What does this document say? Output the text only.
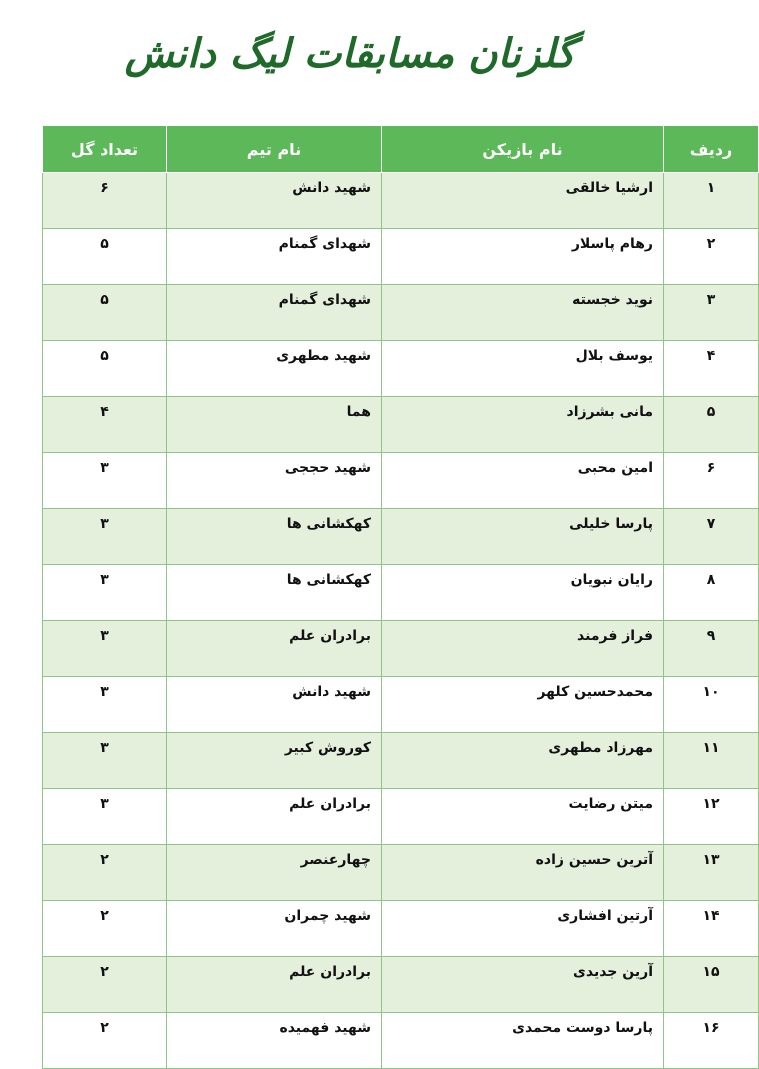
گلزنان مسابقات لیگ دانش
ردیف	نام بازیکن	نام تیم	تعداد گل
۱	ارشیا خالقی	شهید دانش	۶
۲	رهام پاسلار	شهدای گمنام	۵
۳	نوید خجسته	شهدای گمنام	۵
۴	یوسف بلال	شهید مطهری	۵
۵	مانی بشرزاد	هما	۴
۶	امین محبی	شهید حججی	۳
۷	پارسا خلیلی	کهکشانی ها	۳
۸	رایان نبویان	کهکشانی ها	۳
۹	فراز فرمند	برادران علم	۳
۱۰	محمدحسین کلهر	شهید دانش	۳
۱۱	مهرزاد مطهری	کوروش کبیر	۳
۱۲	میتن رضایت	برادران علم	۳
۱۳	آترین حسین زاده	چهارعنصر	۲
۱۴	آرتین افشاری	شهید چمران	۲
۱۵	آرین جدیدی	برادران علم	۲
۱۶	پارسا دوست محمدی	شهید فهمیده	۲
